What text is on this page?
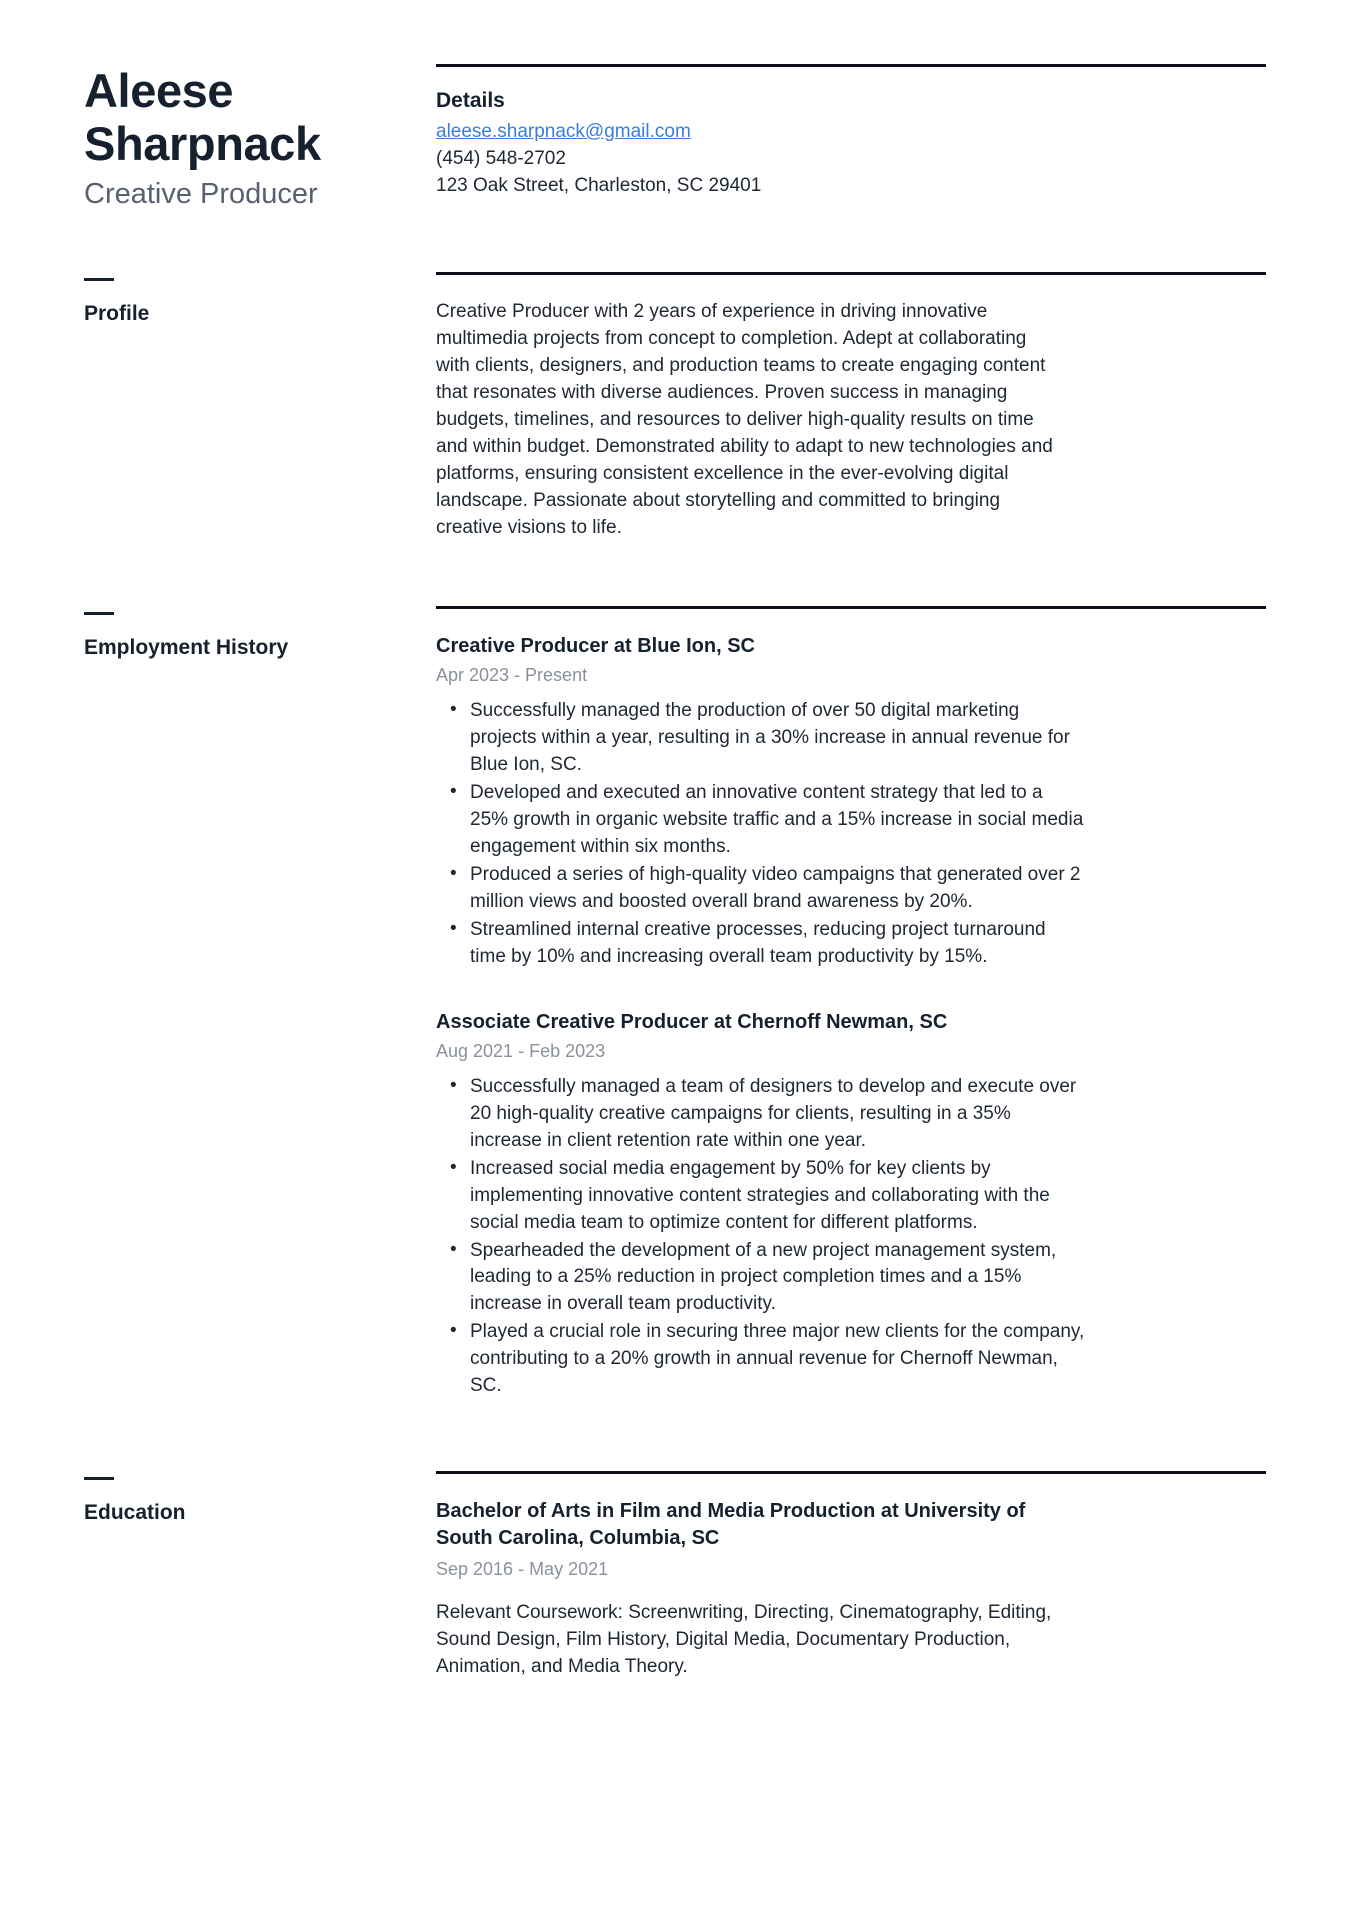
Aleese
Sharpnack
Creative Producer
Details
aleese.sharpnack@gmail.com
(454) 548-2702
123 Oak Street, Charleston, SC 29401
Profile	Creative Producer with 2 years of experience in driving innovative multimedia projects from concept to completion. Adept at collaborating with clients, designers, and production teams to create engaging content that resonates with diverse audiences. Proven success in managing budgets, timelines, and resources to deliver high-quality results on time and within budget. Demonstrated ability to adapt to new technologies and platforms, ensuring consistent excellence in the ever-evolving digital landscape. Passionate about storytelling and committed to bringing creative visions to life.

Employment History	Creative Producer at Blue Ion, SC
Apr 2023 - Present
• Successfully managed the production of over 50 digital marketing projects within a year, resulting in a 30% increase in annual revenue for Blue Ion, SC.
• Developed and executed an innovative content strategy that led to a 25% growth in organic website traffic and a 15% increase in social media engagement within six months.
• Produced a series of high-quality video campaigns that generated over 2 million views and boosted overall brand awareness by 20%.
• Streamlined internal creative processes, reducing project turnaround time by 10% and increasing overall team productivity by 15%.
Associate Creative Producer at Chernoff Newman, SC
Aug 2021 - Feb 2023
• Successfully managed a team of designers to develop and execute over 20 high-quality creative campaigns for clients, resulting in a 35% increase in client retention rate within one year.
• Increased social media engagement by 50% for key clients by implementing innovative content strategies and collaborating with the social media team to optimize content for different platforms.
• Spearheaded the development of a new project management system, leading to a 25% reduction in project completion times and a 15% increase in overall team productivity.
• Played a crucial role in securing three major new clients for the company, contributing to a 20% growth in annual revenue for Chernoff Newman, SC.
Education	Bachelor of Arts in Film and Media Production at University of South Carolina, Columbia, SC
Sep 2016 - May 2021
Relevant Coursework: Screenwriting, Directing, Cinematography, Editing, Sound Design, Film History, Digital Media, Documentary Production, Animation, and Media Theory.
